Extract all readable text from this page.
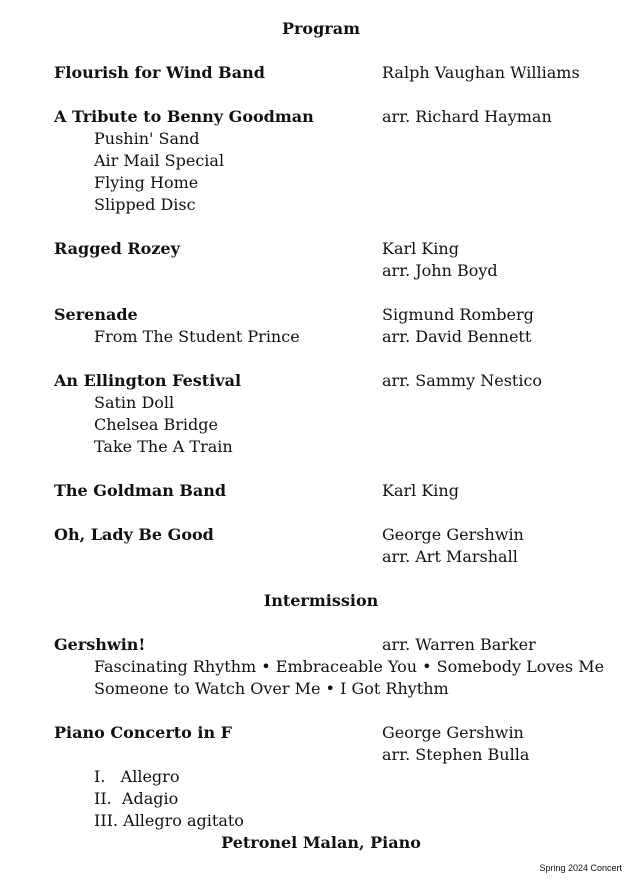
Program
Flourish for Wind Band	Ralph Vaughan Williams
A Tribute to Benny Goodman	arr. Richard Hayman
Pushin' Sand
Air Mail Special
Flying Home
Slipped Disc
Ragged Rozey	Karl King
arr. John Boyd
Serenade	Sigmund Romberg
From The Student Prince	arr. David Bennett
An Ellington Festival	arr. Sammy Nestico
Satin Doll
Chelsea Bridge
Take The A Train
The Goldman Band	Karl King
Oh, Lady Be Good	George Gershwin
arr. Art Marshall
Intermission
Gershwin!	arr. Warren Barker
Fascinating Rhythm • Embraceable You • Somebody Loves Me
Someone to Watch Over Me • I Got Rhythm
Piano Concerto in F	George Gershwin
arr. Stephen Bulla
I.   Allegro
II.  Adagio
III. Allegro agitato
Petronel Malan, Piano
Spring 2024 Concert
